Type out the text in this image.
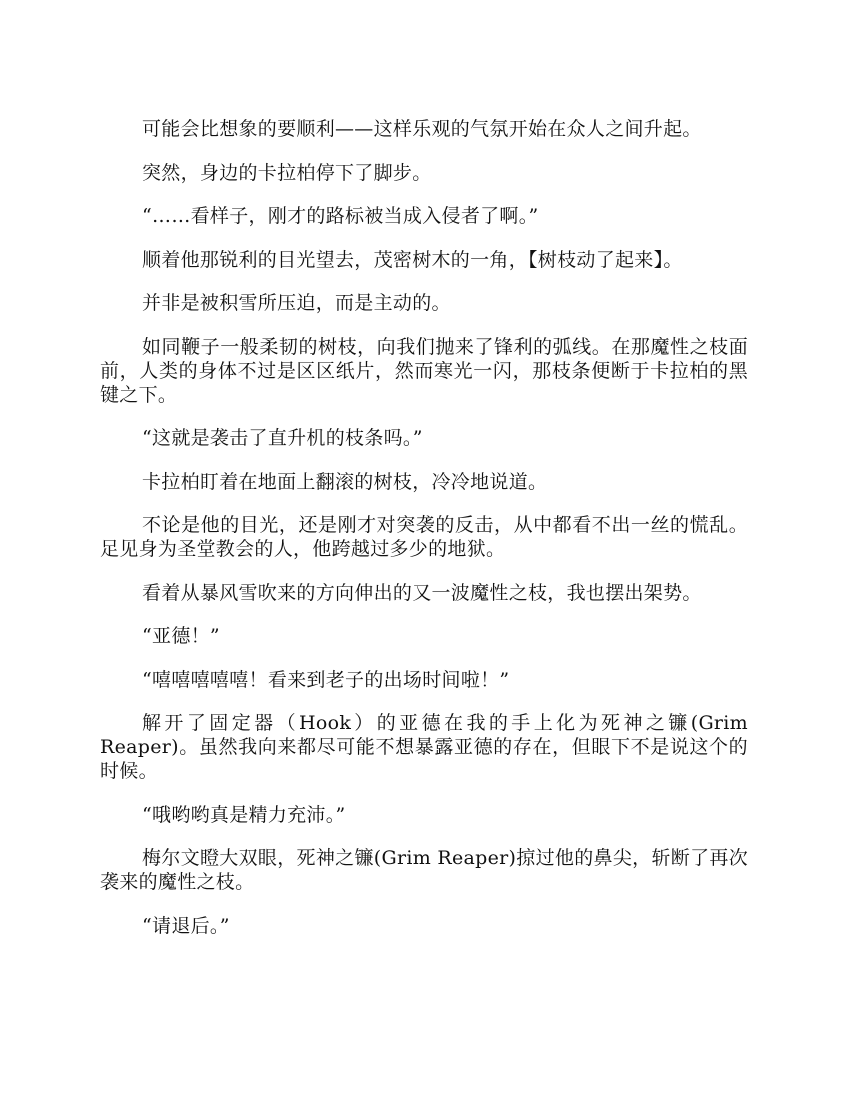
可能会比想象的要顺利——这样乐观的气氛开始在众人之间升起。

突然，身边的卡拉柏停下了脚步。

“……看样子，刚才的路标被当成入侵者了啊。”

顺着他那锐利的目光望去，茂密树木的一角，【树枝动了起来】。

并非是被积雪所压迫，而是主动的。

如同鞭子一般柔韧的树枝，向我们抛来了锋利的弧线。在那魔性之枝面前，人类的身体不过是区区纸片，然而寒光一闪，那枝条便断于卡拉柏的黑键之下。

“这就是袭击了直升机的枝条吗。”

卡拉柏盯着在地面上翻滚的树枝，冷冷地说道。

不论是他的目光，还是刚才对突袭的反击，从中都看不出一丝的慌乱。足见身为圣堂教会的人，他跨越过多少的地狱。

看着从暴风雪吹来的方向伸出的又一波魔性之枝，我也摆出架势。

“亚德！”

“嘻嘻嘻嘻嘻！看来到老子的出场时间啦！”

解开了固定器（Hook）的亚德在我的手上化为死神之镰(Grim Reaper)。虽然我向来都尽可能不想暴露亚德的存在，但眼下不是说这个的时候。

“哦哟哟真是精力充沛。”

梅尔文瞪大双眼，死神之镰(Grim Reaper)掠过他的鼻尖，斩断了再次袭来的魔性之枝。

“请退后。”
